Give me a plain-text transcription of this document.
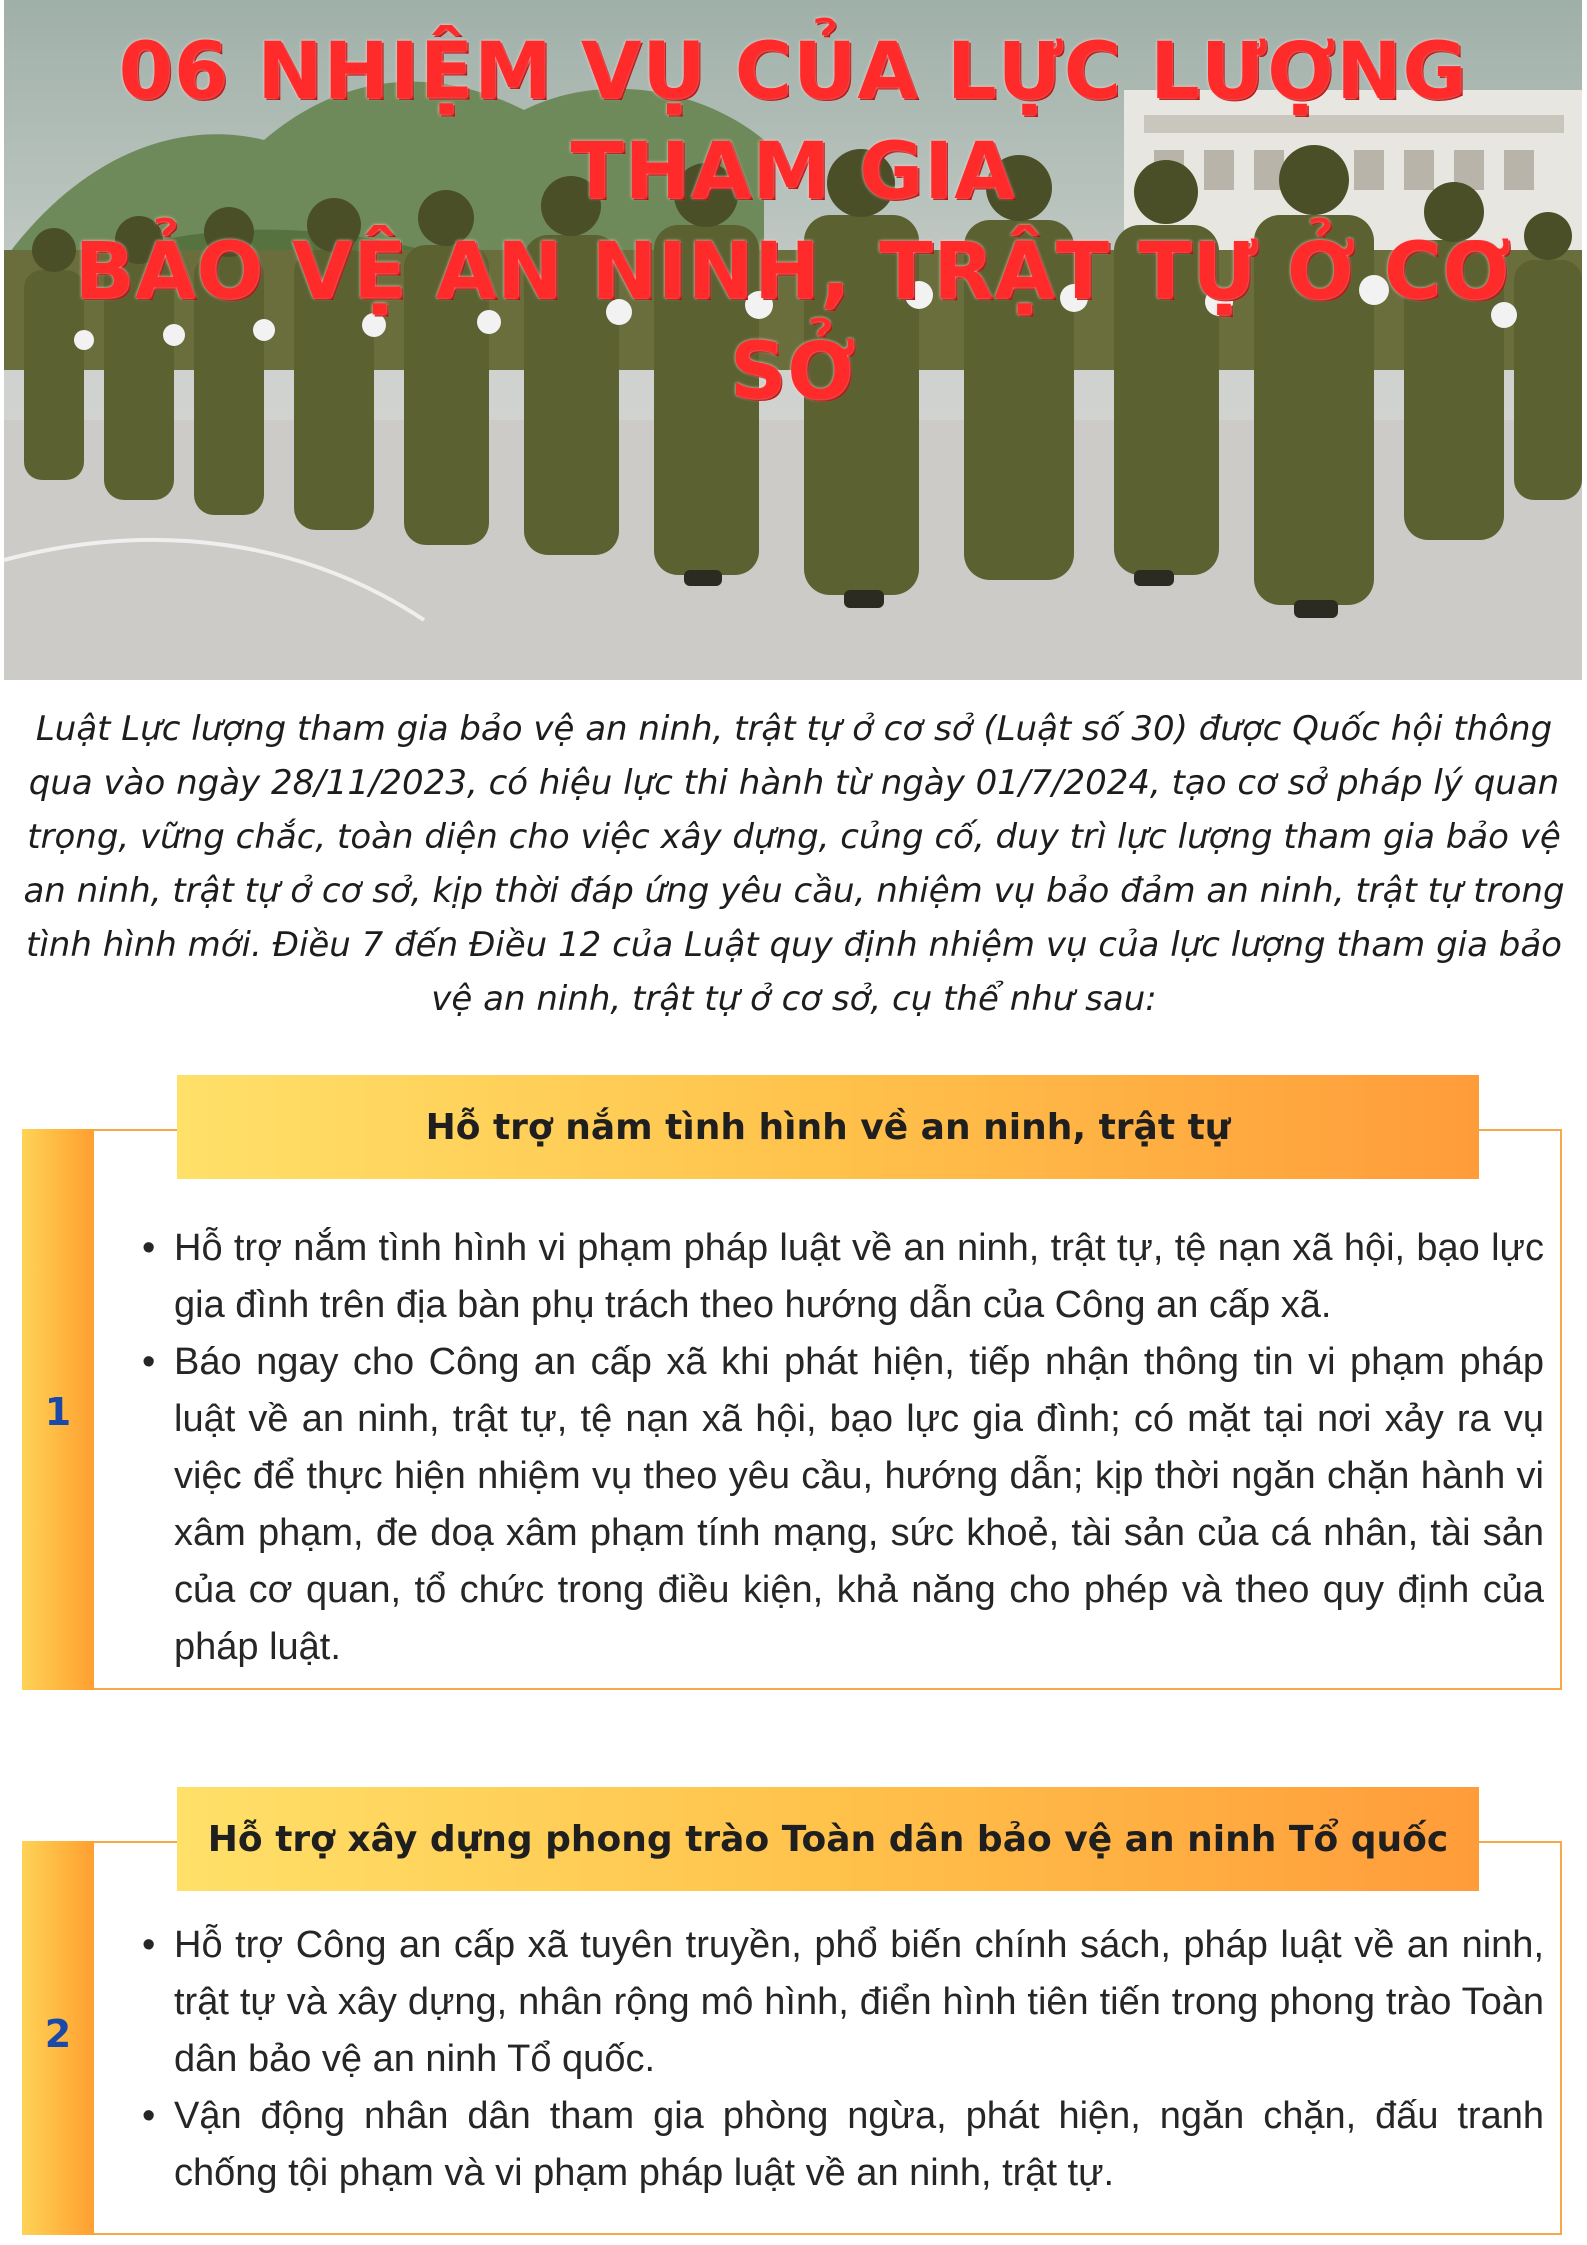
06 NHIỆM VỤ CỦA LỰC LƯỢNG THAM GIA
BẢO VỆ AN NINH, TRẬT TỰ Ở CƠ SỞ

Luật Lực lượng tham gia bảo vệ an ninh, trật tự ở cơ sở (Luật số 30) được Quốc hội thông qua vào ngày 28/11/2023, có hiệu lực thi hành từ ngày 01/7/2024, tạo cơ sở pháp lý quan trọng, vững chắc, toàn diện cho việc xây dựng, củng cố, duy trì lực lượng tham gia bảo vệ an ninh, trật tự ở cơ sở, kịp thời đáp ứng yêu cầu, nhiệm vụ bảo đảm an ninh, trật tự trong tình hình mới. Điều 7 đến Điều 12 của Luật quy định nhiệm vụ của lực lượng tham gia bảo vệ an ninh, trật tự ở cơ sở, cụ thể như sau:

1
Hỗ trợ nắm tình hình về an ninh, trật tự
• Hỗ trợ nắm tình hình vi phạm pháp luật về an ninh, trật tự, tệ nạn xã hội, bạo lực gia đình trên địa bàn phụ trách theo hướng dẫn của Công an cấp xã.
• Báo ngay cho Công an cấp xã khi phát hiện, tiếp nhận thông tin vi phạm pháp luật về an ninh, trật tự, tệ nạn xã hội, bạo lực gia đình; có mặt tại nơi xảy ra vụ việc để thực hiện nhiệm vụ theo yêu cầu, hướng dẫn; kịp thời ngăn chặn hành vi xâm phạm, đe doạ xâm phạm tính mạng, sức khoẻ, tài sản của cá nhân, tài sản của cơ quan, tổ chức trong điều kiện, khả năng cho phép và theo quy định của pháp luật.
2
Hỗ trợ xây dựng phong trào Toàn dân bảo vệ an ninh Tổ quốc
• Hỗ trợ Công an cấp xã tuyên truyền, phổ biến chính sách, pháp luật về an ninh, trật tự và xây dựng, nhân rộng mô hình, điển hình tiên tiến trong phong trào Toàn dân bảo vệ an ninh Tổ quốc.
• Vận động nhân dân tham gia phòng ngừa, phát hiện, ngăn chặn, đấu tranh chống tội phạm và vi phạm pháp luật về an ninh, trật tự.
